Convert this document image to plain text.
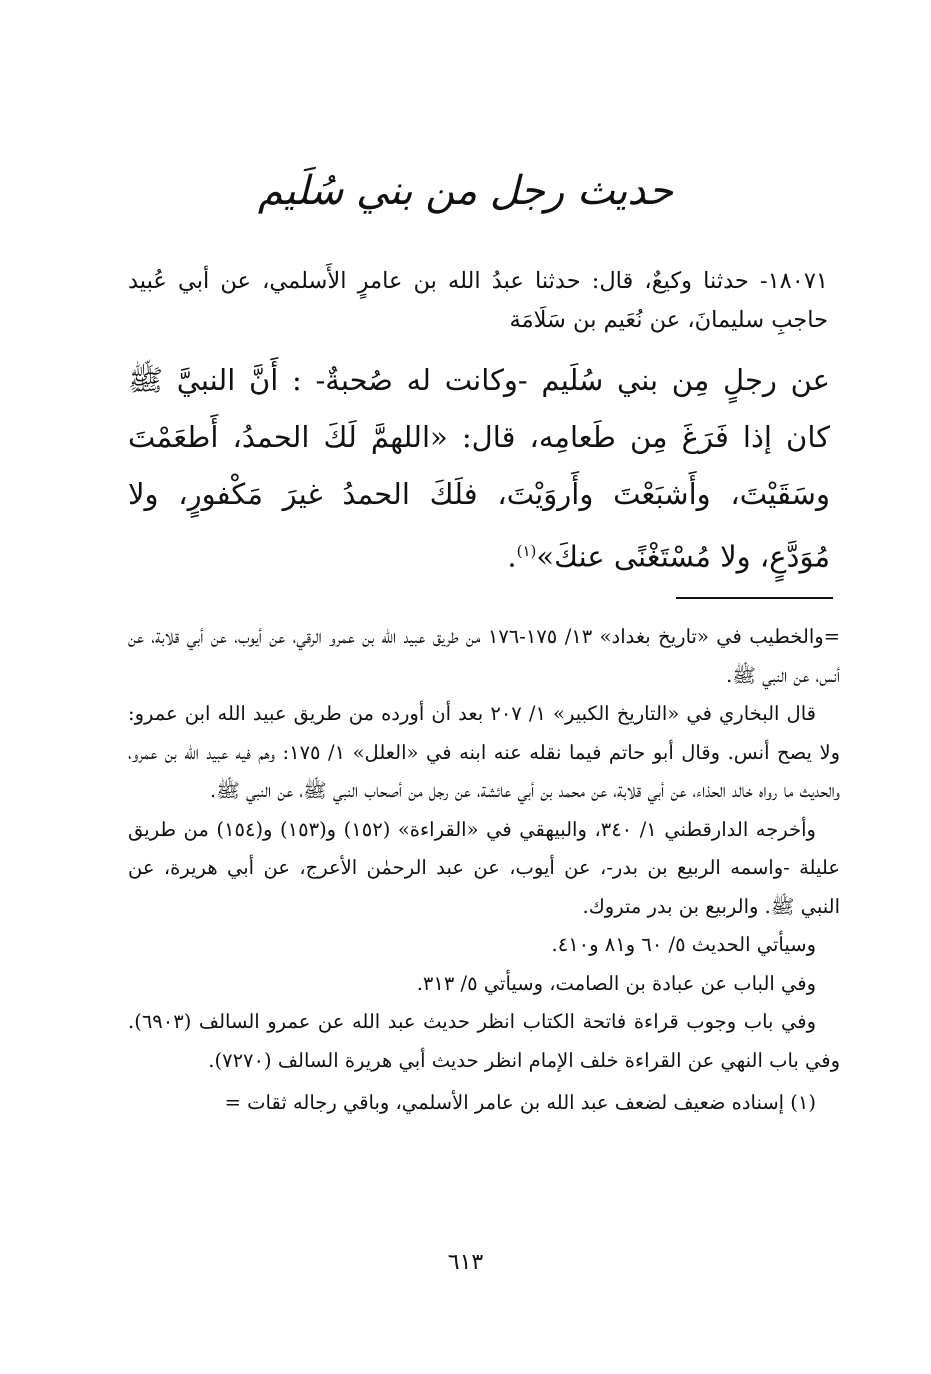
حديث رجل من بني سُلَيم

١٨٠٧١- حدثنا وكيعٌ، قال: حدثنا عبدُ الله بن عامرٍ الأَسلمي، عن أبي عُبيد حاجبِ سليمانَ، عن نُعَيم بن سَلَامَة

عن رجلٍ مِن بني سُلَيم -وكانت له صُحبةٌ- : أَنَّ النبيَّ ﷺ كان إذا فَرَغَ مِن طَعامِه، قال: «اللهمَّ لَكَ الحمدُ، أَطعَمْتَ وسَقَيْتَ، وأَشبَعْتَ وأَروَيْتَ، فلَكَ الحمدُ غيرَ مَكْفورٍ، ولا مُوَدَّعٍ، ولا مُسْتَغْنًى عنكَ»$^{(١)}$.

=والخطيب في «تاريخ بغداد» ١٣/ ١٧٥-١٧٦ من طريق عبيد الله بن عمرو الرقي، عن أيوب، عن أبي قلابة، عن أنس، عن النبي ﷺ.

قال البخاري في «التاريخ الكبير» ١/ ٢٠٧ بعد أن أورده من طريق عبيد الله ابن عمرو: ولا يصح أنس. وقال أبو حاتم فيما نقله عنه ابنه في «العلل» ١/ ١٧٥: وهم فيه عبيد الله بن عمرو، والحديث ما رواه خالد الحذاء، عن أبي قلابة، عن محمد بن أبي عائشة، عن رجل من أصحاب النبي ﷺ، عن النبي ﷺ.

وأخرجه الدارقطني ١/ ٣٤٠، والبيهقي في «القراءة» (١٥٢) و(١٥٣) و(١٥٤) من طريق عليلة -واسمه الربيع بن بدر-، عن أيوب، عن عبد الرحمٰن الأعرج، عن أبي هريرة، عن النبي ﷺ. والربيع بن بدر متروك.

وسيأتي الحديث ٥/ ٦٠ و٨١ و٤١٠.

وفي الباب عن عبادة بن الصامت، وسيأتي ٥/ ٣١٣.

وفي باب وجوب قراءة فاتحة الكتاب انظر حديث عبد الله عن عمرو السالف (٦٩٠٣). وفي باب النهي عن القراءة خلف الإمام انظر حديث أبي هريرة السالف (٧٢٧٠).

(١) إسناده ضعيف لضعف عبد الله بن عامر الأسلمي، وباقي رجاله ثقات =

٦١٣
